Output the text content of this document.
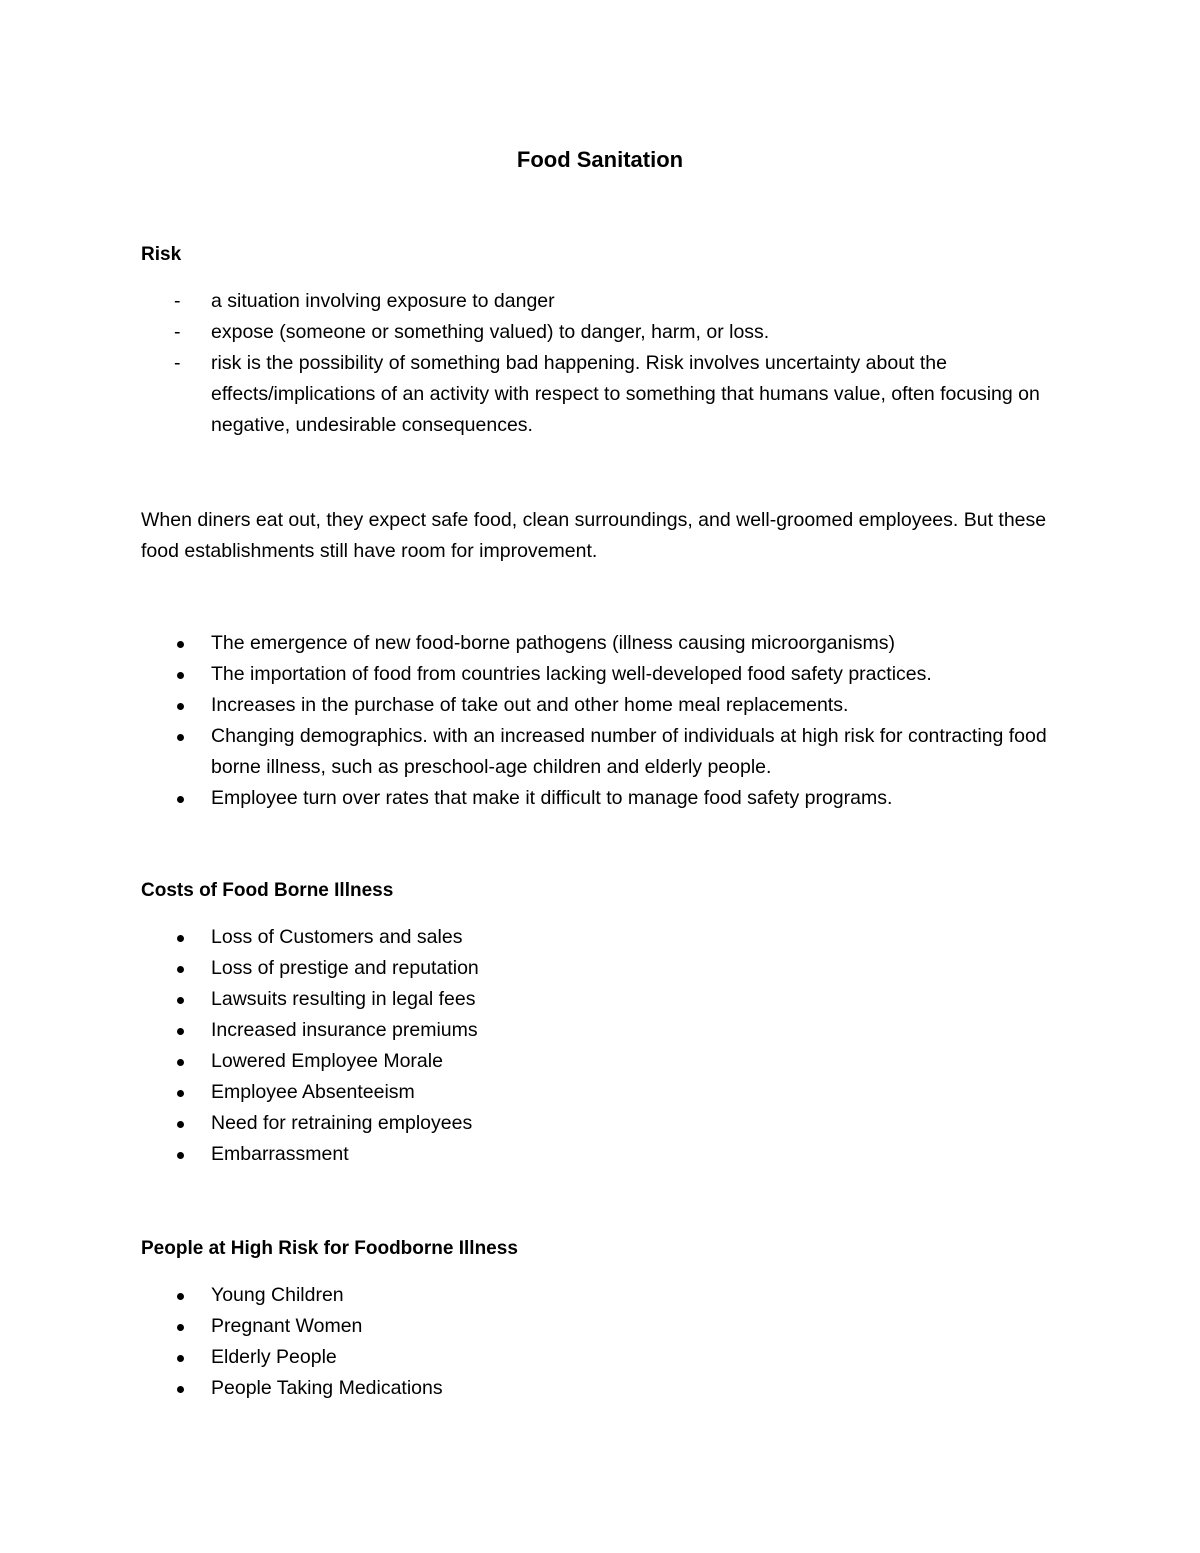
Food Sanitation
Risk
- a situation involving exposure to danger
- expose (someone or something valued) to danger, harm, or loss.
- risk is the possibility of something bad happening. Risk involves uncertainty about the effects/implications of an activity with respect to something that humans value, often focusing on negative, undesirable consequences.

When diners eat out, they expect safe food, clean surroundings, and well-groomed employees. But these food establishments still have room for improvement.

The emergence of new food-borne pathogens (illness causing microorganisms)
The importation of food from countries lacking well-developed food safety practices.
Increases in the purchase of take out and other home meal replacements.
Changing demographics. with an increased number of individuals at high risk for contracting food borne illness, such as preschool-age children and elderly people.
Employee turn over rates that make it difficult to manage food safety programs.
Costs of Food Borne Illness
Loss of Customers and sales
Loss of prestige and reputation
Lawsuits resulting in legal fees
Increased insurance premiums
Lowered Employee Morale
Employee Absenteeism
Need for retraining employees
Embarrassment
People at High Risk for Foodborne Illness
Young Children
Pregnant Women
Elderly People
People Taking Medications
